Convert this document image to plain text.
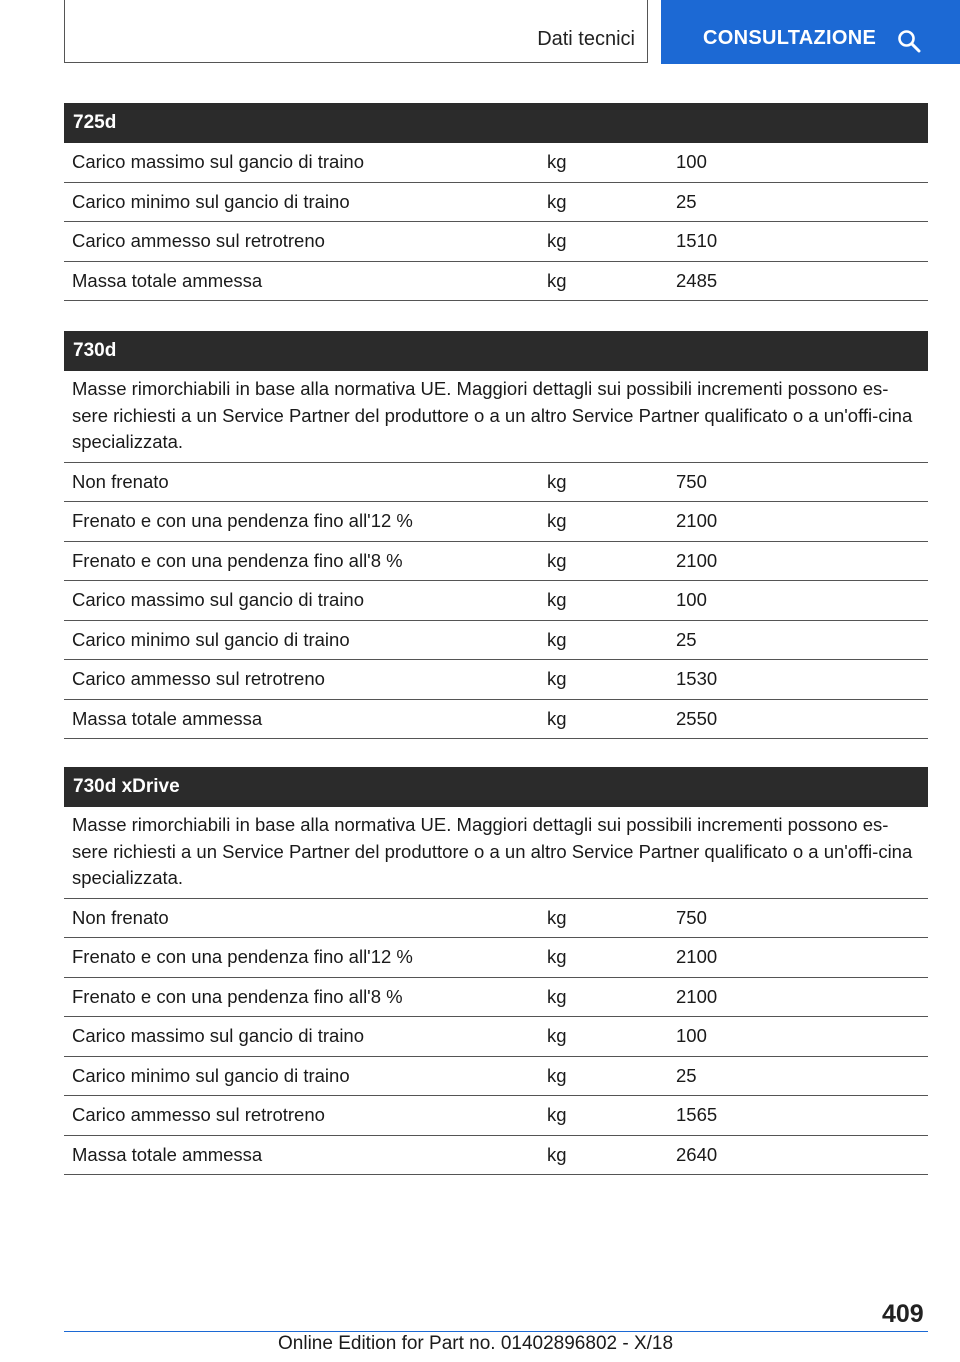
Dati tecnici	CONSULTAZIONE
725d
Carico massimo sul gancio di traino	kg	100
Carico minimo sul gancio di traino	kg	25
Carico ammesso sul retrotreno	kg	1510
Massa totale ammessa	kg	2485
730d
Masse rimorchiabili in base alla normativa UE. Maggiori dettagli sui possibili incrementi possono es-sere richiesti a un Service Partner del produttore o a un altro Service Partner qualificato o a un'offi-cina specializzata.
Non frenato	kg	750
Frenato e con una pendenza fino all'12 %	kg	2100
Frenato e con una pendenza fino all'8 %	kg	2100
Carico massimo sul gancio di traino	kg	100
Carico minimo sul gancio di traino	kg	25
Carico ammesso sul retrotreno	kg	1530
Massa totale ammessa	kg	2550
730d xDrive
Masse rimorchiabili in base alla normativa UE. Maggiori dettagli sui possibili incrementi possono es-sere richiesti a un Service Partner del produttore o a un altro Service Partner qualificato o a un'offi-cina specializzata.
Non frenato	kg	750
Frenato e con una pendenza fino all'12 %	kg	2100
Frenato e con una pendenza fino all'8 %	kg	2100
Carico massimo sul gancio di traino	kg	100
Carico minimo sul gancio di traino	kg	25
Carico ammesso sul retrotreno	kg	1565
Massa totale ammessa	kg	2640
409
Online Edition for Part no. 01402896802 - X/18
